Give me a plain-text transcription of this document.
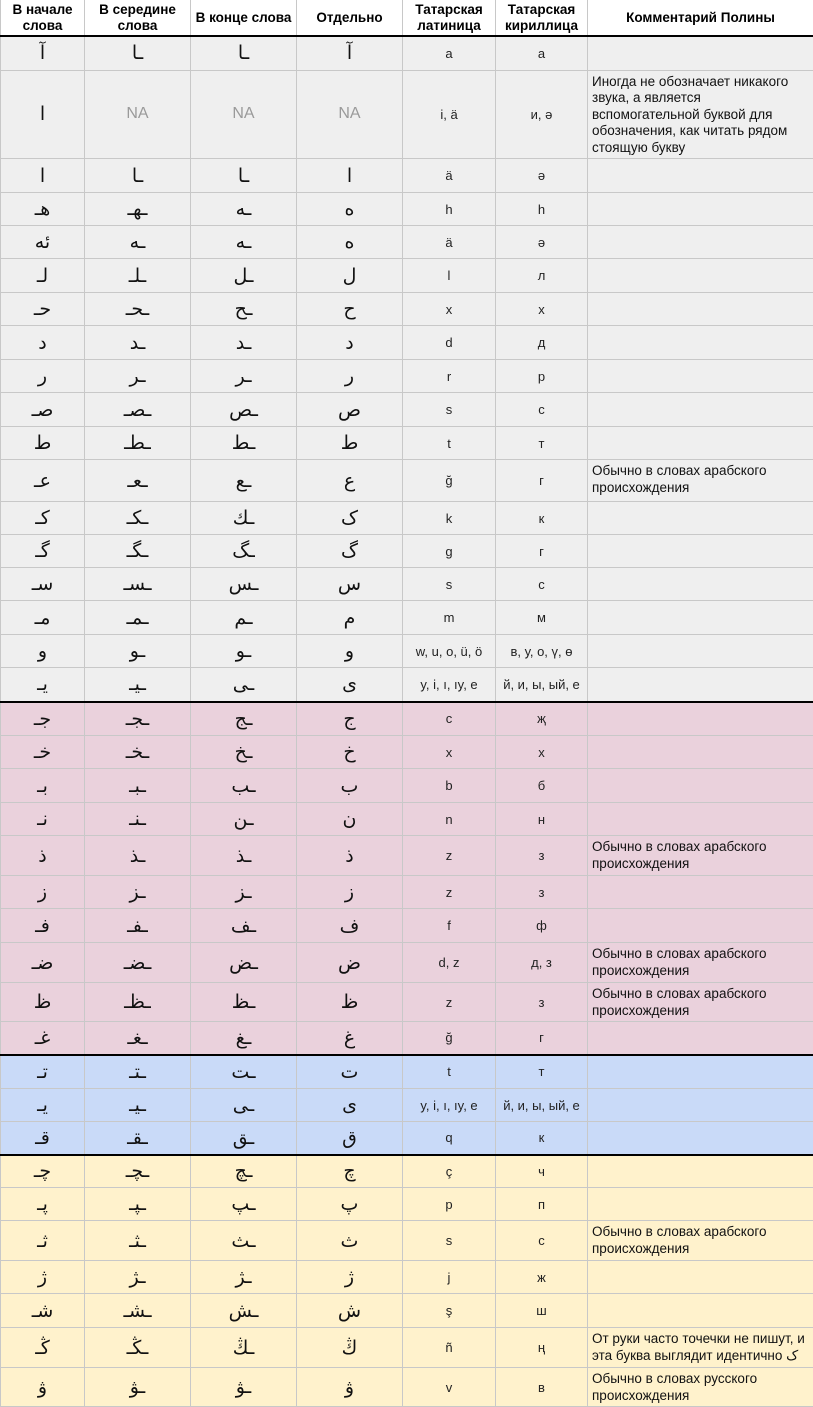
В начале слова	В середине слова	В конце слова	Отдельно	Татарская латиница	Татарская кириллица	Комментарий Полины
آ	ـا	ـا	آ	a	а	
ا	NA	NA	NA	i, ä	и, ә	Иногда не обозначает никакого звука, а является вспомогательной буквой для обозначения, как читать рядом стоящую букву
ا	ـا	ـا	ا	ä	ә	
هـ	ـهـ	ـه	ه	h	h	
ئه	ـه	ـه	ه	ä	ә	
لـ	ـلـ	ـل	ل	l	л	
حـ	ـحـ	ـح	ح	x	х	
د	ـد	ـد	د	d	д	
ر	ـر	ـر	ر	r	р	
صـ	ـصـ	ـص	ص	s	с	
ط	ـطـ	ـط	ط	t	т	
عـ	ـعـ	ـع	ع	ğ	г	Обычно в словах арабского происхождения
كـ	ـكـ	ـك	ک	k	к	
گـ	ـگـ	ـگ	گ	g	г	
سـ	ـسـ	ـس	س	s	с	
مـ	ـمـ	ـم	م	m	м	
و	ـو	ـو	و	w, u, o, ü, ö	в, у, о, ү, ө	
يـ	ـيـ	ـى	ى	y, i, ı, ıy, e	й, и, ы, ый, е	
جـ	ـجـ	ـج	ج	c	җ	
خـ	ـخـ	ـخ	خ	x	х	
بـ	ـبـ	ـب	ب	b	б	
نـ	ـنـ	ـن	ن	n	н	
ذ	ـذ	ـذ	ذ	z	з	Обычно в словах арабского происхождения
ز	ـز	ـز	ز	z	з	
فـ	ـفـ	ـف	ف	f	ф	
ضـ	ـضـ	ـض	ض	d, z	д, з	Обычно в словах арабского происхождения
ظ	ـظـ	ـظ	ظ	z	з	Обычно в словах арабского происхождения
غـ	ـغـ	ـغ	غ	ğ	г	
تـ	ـتـ	ـت	ت	t	т	
يـ	ـيـ	ـى	ى	y, i, ı, ıy, e	й, и, ы, ый, е	
قـ	ـقـ	ـق	ق	q	к	
چـ	ـچـ	ـچ	چ	ç	ч	
پـ	ـپـ	ـپ	پ	p	п	
ثـ	ـثـ	ـث	ث	s	с	Обычно в словах арабского происхождения
ژ	ـژ	ـژ	ژ	j	ж	
شـ	ـشـ	ـش	ش	ş	ш	
ڭـ	ـڭـ	ـڭ	ڭ	ñ	ң	От руки часто точечки не пишут, и эта буква выглядит идентично ک
ۋ	ـۋ	ـۋ	ۋ	v	в	Обычно в словах русского происхождения
